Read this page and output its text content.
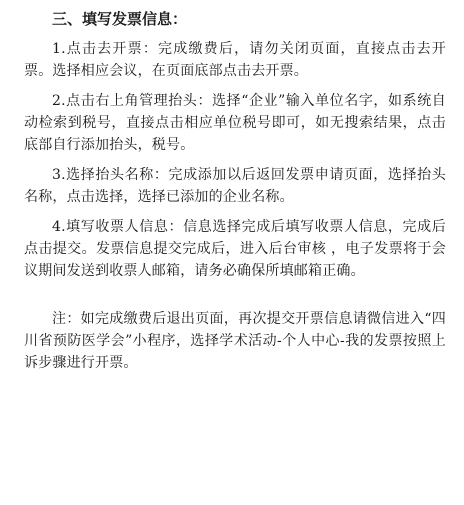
三、填写发票信息：

1.点击去开票：完成缴费后，请勿关闭页面，直接点击去开票。选择相应会议，在页面底部点击去开票。

2.点击右上角管理抬头：选择“企业”输入单位名字，如系统自动检索到税号，直接点击相应单位税号即可，如无搜索结果，点击底部自行添加抬头，税号。

3.选择抬头名称：完成添加以后返回发票申请页面，选择抬头名称，点击选择，选择已添加的企业名称。

4.填写收票人信息：信息选择完成后填写收票人信息，完成后点击提交。发票信息提交完成后，进入后台审核 ，电子发票将于会议期间发送到收票人邮箱，请务必确保所填邮箱正确。

注：如完成缴费后退出页面，再次提交开票信息请微信进入“四川省预防医学会”小程序，选择学术活动-个人中心-我的发票按照上诉步骤进行开票。
